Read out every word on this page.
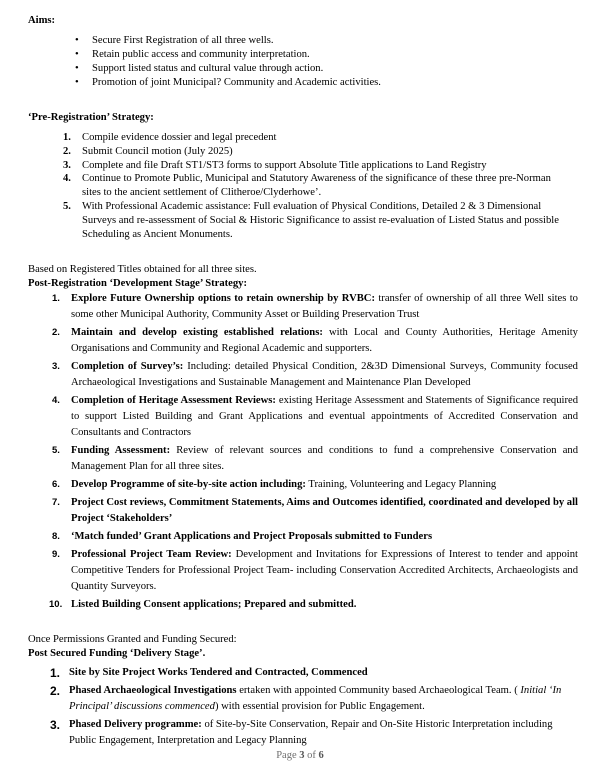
Aims:

• Secure First Registration of all three wells.
• Retain public access and community interpretation.
• Support listed status and cultural value through action.
• Promotion of joint Municipal? Community and Academic activities.

‘Pre-Registration’ Strategy:

1. Compile evidence dossier and legal precedent
2. Submit Council motion (July 2025)
3. Complete and file Draft ST1/ST3 forms to support Absolute Title applications to Land Registry
4. Continue to Promote Public, Municipal and Statutory Awareness of the significance of these three pre-Norman sites to the ancient settlement of Clitheroe/Clyderhowe’.
5. With Professional Academic assistance: Full evaluation of Physical Conditions, Detailed 2 & 3 Dimensional Surveys and re-assessment of Social & Historic Significance to assist re-evaluation of Listed Status and possible Scheduling as Ancient Monuments.

Based on Registered Titles obtained for all three sites.

Post-Registration ‘Development Stage’ Strategy:

1. Explore Future Ownership options to retain ownership by RVBC: transfer of ownership of all three Well sites to some other Municipal Authority, Community Asset or Building Preservation Trust
2. Maintain and develop existing established relations: with Local and County Authorities, Heritage Amenity Organisations and Community and Regional Academic and supporters.
3. Completion of Survey’s: Including: detailed Physical Condition, 2&3D Dimensional Surveys, Community focused Archaeological Investigations and Sustainable Management and Maintenance Plan Developed
4. Completion of Heritage Assessment Reviews: existing Heritage Assessment and Statements of Significance required to support Listed Building and Grant Applications and eventual appointments of Accredited Conservation and Consultants and Contractors
5. Funding Assessment: Review of relevant sources and conditions to fund a comprehensive Conservation and Management Plan for all three sites.
6. Develop Programme of site-by-site action including: Training, Volunteering and Legacy Planning
7. Project Cost reviews, Commitment Statements, Aims and Outcomes identified, coordinated and developed by all Project ‘Stakeholders’
8. ‘Match funded’ Grant Applications and Project Proposals submitted to Funders
9. Professional Project Team Review: Development and Invitations for Expressions of Interest to tender and appoint Competitive Tenders for Professional Project Team- including Conservation Accredited Architects, Archaeologists and Quantity Surveyors.
10. Listed Building Consent applications; Prepared and submitted.

Once Permissions Granted and Funding Secured:

Post Secured Funding ‘Delivery Stage’.

1. Site by Site Project Works Tendered and Contracted, Commenced
2. Phased Archaeological Investigations ertaken with appointed Community based Archaeological Team. ( Initial ‘In Principal’ discussions commenced) with essential provision for Public Engagement.
3. Phased Delivery programme: of Site-by-Site Conservation, Repair and On-Site Historic Interpretation including Public Engagement, Interpretation and Legacy Planning
Page 3 of 6
